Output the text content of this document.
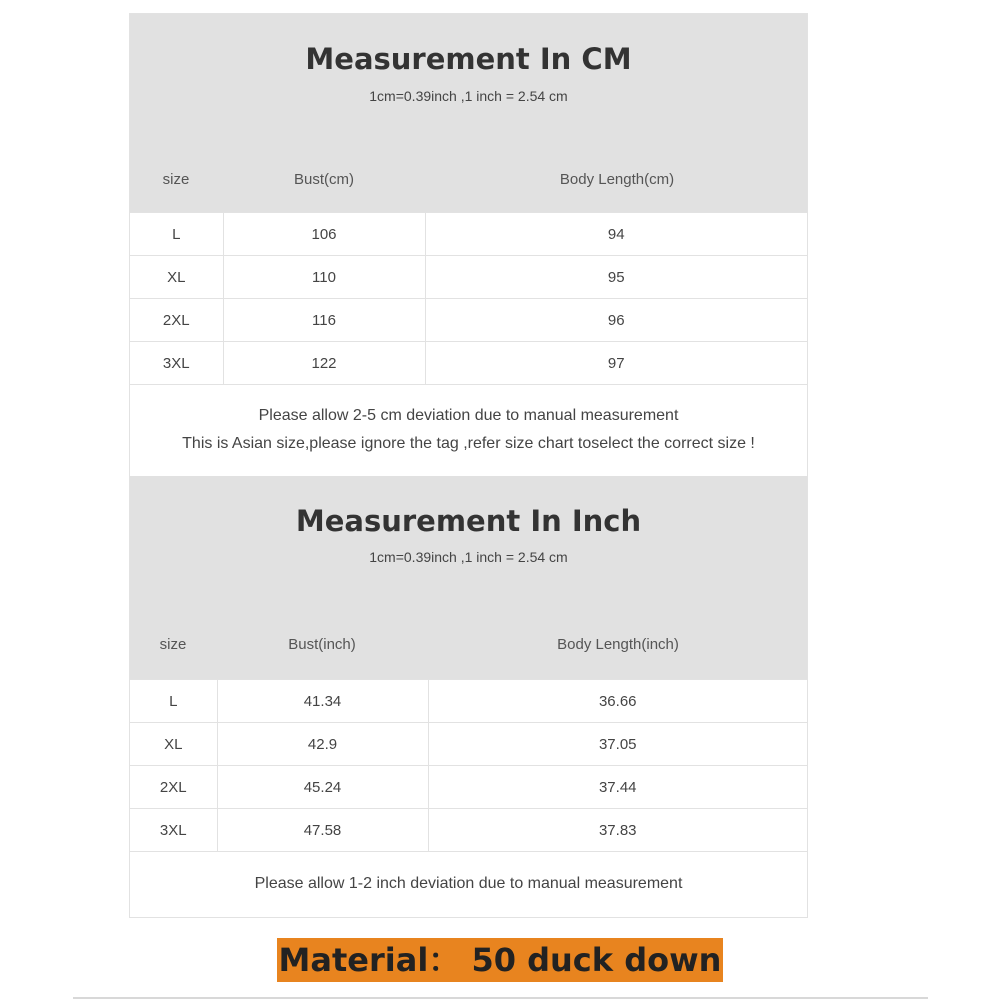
Measurement In CM
1cm=0.39inch ,1 inch = 2.54 cm
size	Bust(cm)	Body Length(cm)
L	106	94
XL	110	95
2XL	116	96
3XL	122	97
Please allow 2-5 cm deviation due to manual measurement
This is Asian size,please ignore the tag ,refer size chart toselect the correct size !
Measurement In Inch
1cm=0.39inch ,1 inch = 2.54 cm
size	Bust(inch)	Body Length(inch)
L	41.34	36.66
XL	42.9	37.05
2XL	45.24	37.44
3XL	47.58	37.83
Please allow 1-2 inch deviation due to manual measurement
Material： 50 duck down
